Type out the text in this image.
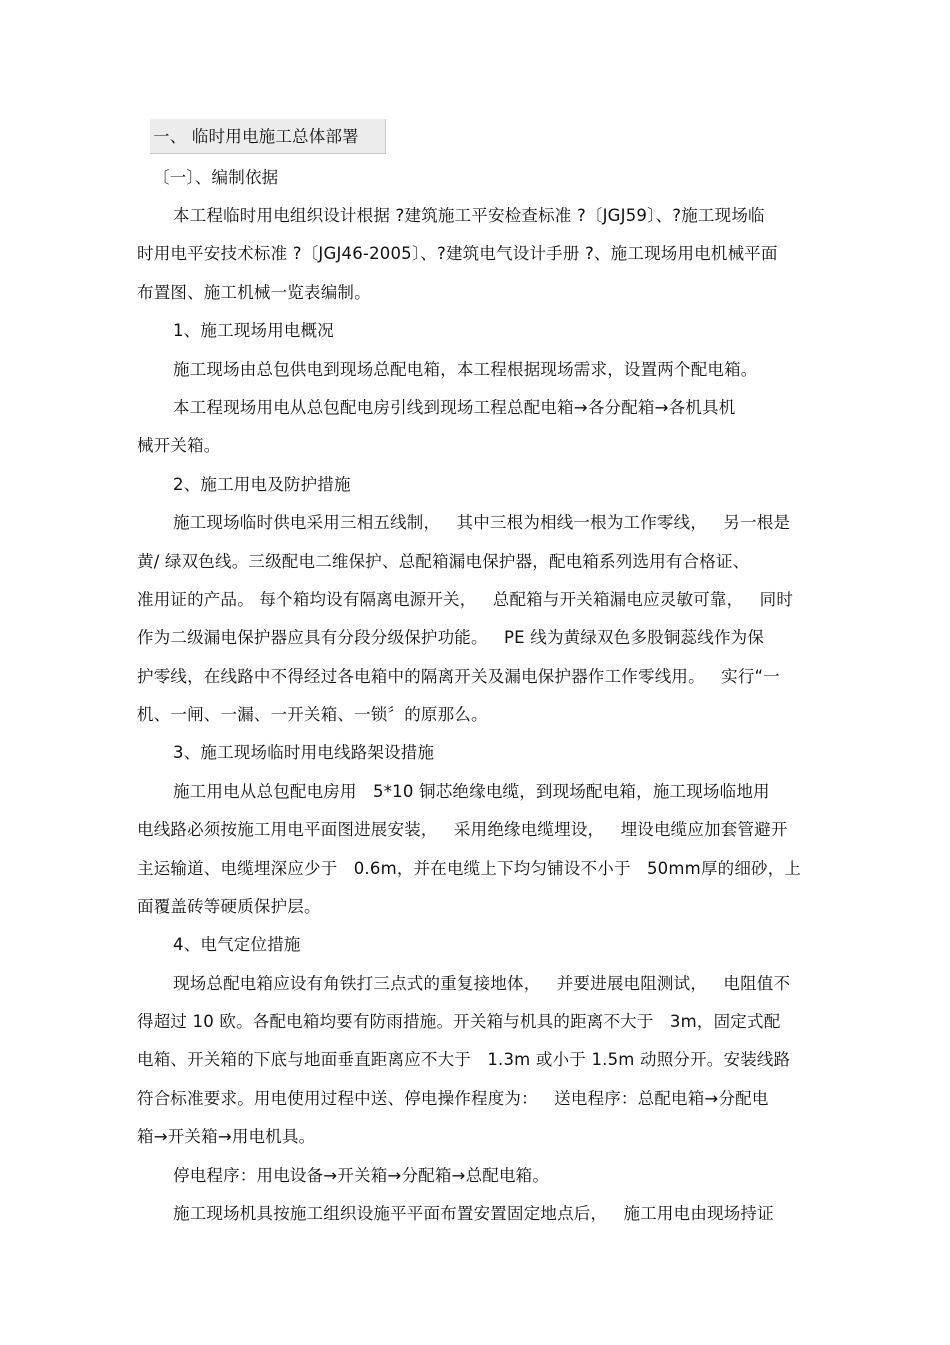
一、 临时用电施工总体部署
〔一〕、编制依据
本工程临时用电组织设计根据 ?建筑施工平安检查标准 ?〔JGJ59〕、?施工现场临
时用电平安技术标准 ?〔JGJ46-2005〕、?建筑电气设计手册 ?、施工现场用电机械平面
布置图、施工机械一览表编制。
1、施工现场用电概况
施工现场由总包供电到现场总配电箱，本工程根据现场需求，设置两个配电箱。
本工程现场用电从总包配电房引线到现场工程总配电箱→各分配箱→各机具机
械开关箱。
2、施工用电及防护措施
施工现场临时供电采用三相五线制，   其中三根为相线一根为工作零线，   另一根是
黄/ 绿双色线。三级配电二维保护、总配箱漏电保护器，配电箱系列选用有合格证、
准用证的产品。 每个箱均设有隔离电源开关，   总配箱与开关箱漏电应灵敏可靠，   同时
作为二级漏电保护器应具有分段分级保护功能。   PE 线为黄绿双色多股铜蕊线作为保
护零线，在线路中不得经过各电箱中的隔离开关及漏电保护器作工作零线用。   实行“一
机、一闸、一漏、一开关箱、一锁〞的原那么。
3、施工现场临时用电线路架设措施
施工用电从总包配电房用   5*10 铜芯绝缘电缆，到现场配电箱，施工现场临地用
电线路必须按施工用电平面图进展安装，   采用绝缘电缆埋设，   埋设电缆应加套管避开
主运输道、电缆埋深应少于   0.6m，并在电缆上下均匀铺设不小于   50mm厚的细砂，上
面覆盖砖等硬质保护层。
4、电气定位措施
现场总配电箱应设有角铁打三点式的重复接地体，   并要进展电阻测试，   电阻值不
得超过 10 欧。各配电箱均要有防雨措施。开关箱与机具的距离不大于   3m，固定式配
电箱、开关箱的下底与地面垂直距离应不大于   1.3m 或小于 1.5m 动照分开。安装线路
符合标准要求。用电使用过程中送、停电操作程度为：   送电程序：总配电箱→分配电
箱→开关箱→用电机具。
停电程序：用电设备→开关箱→分配箱→总配电箱。
施工现场机具按施工组织设施平平面布置安置固定地点后，   施工用电由现场持证
